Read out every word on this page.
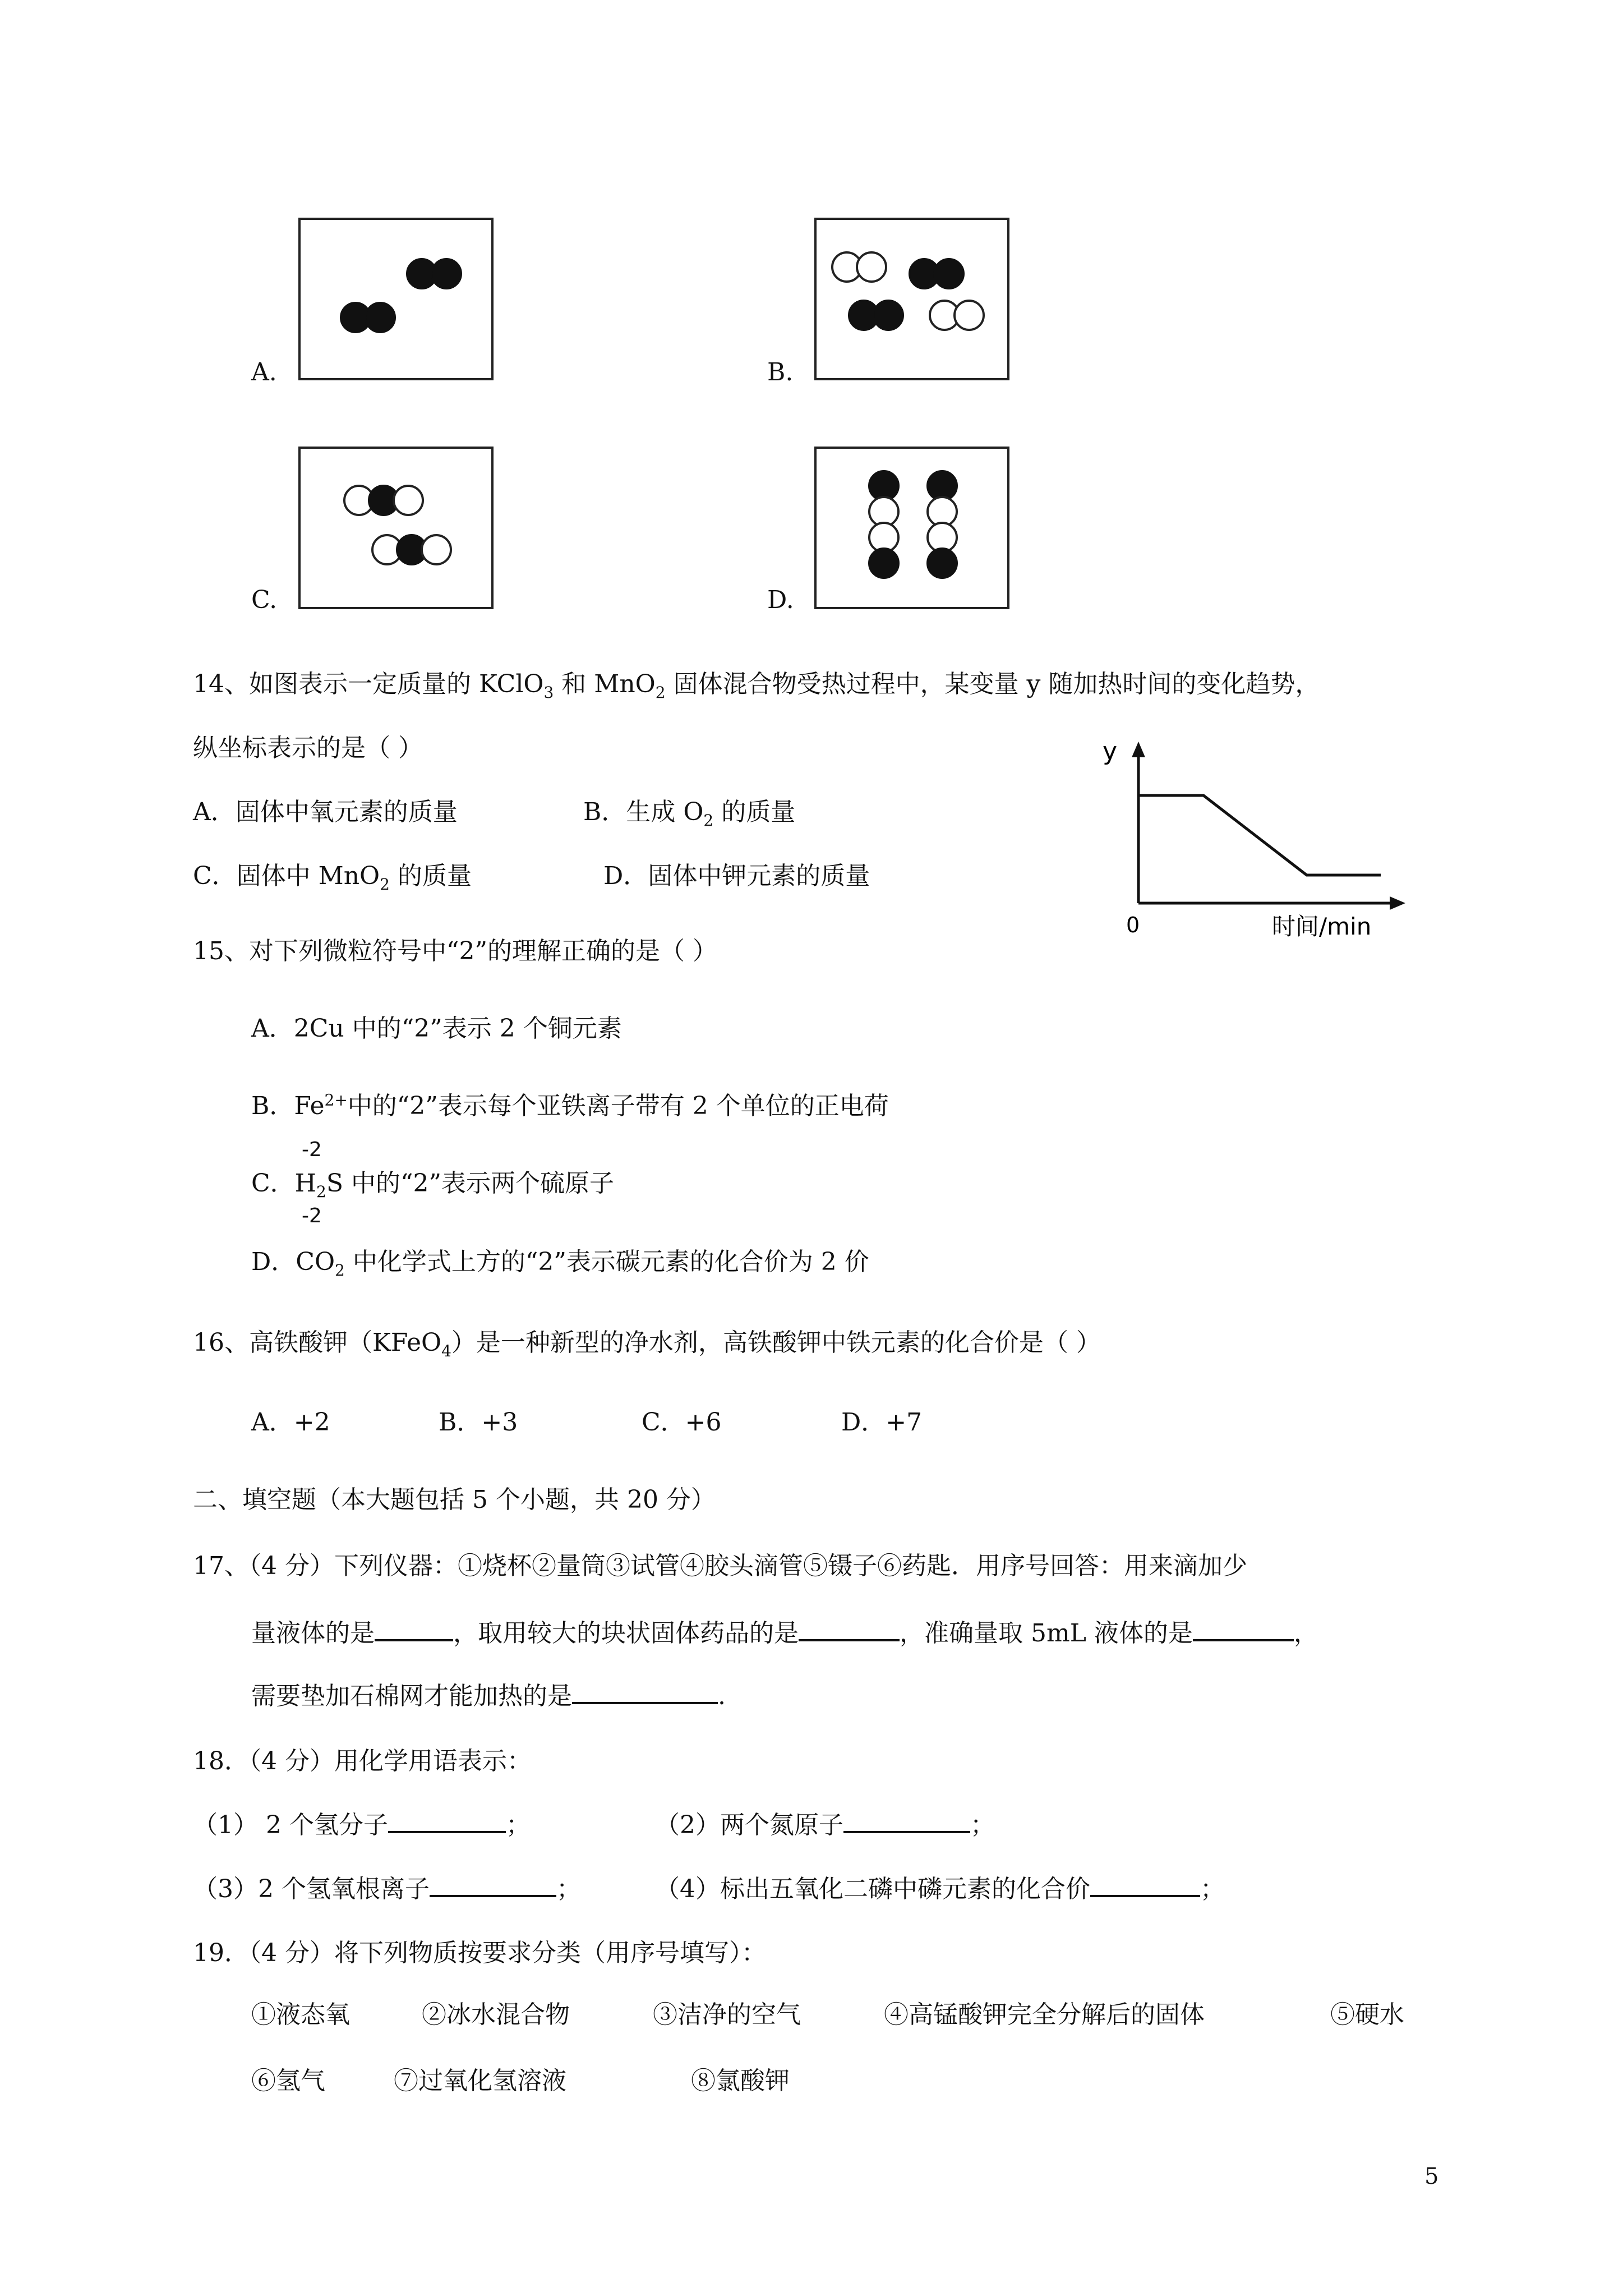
A.	B.
C.	D.
14、如图表示一定质量的 KClO$_3$ 和 MnO$_2$ 固体混合物受热过程中，某变量 y 随加热时间的变化趋势，
纵坐标表示的是（ ）
A．固体中氧元素的质量	B．生成 $O_2$ 的质量
C．固体中 MnO$_2$ 的质量	D．固体中钾元素的质量
y
0	时间/min
15、对下列微粒符号中“2”的理解正确的是（ ）
A．2Cu 中的“2”表示 2 个铜元素
B．$Fe^{2+}$中的“2”表示每个亚铁离子带有 2 个单位的正电荷
-2
C．$H_2S$ 中的“2”表示两个硫原子
-2
D．$CO_2$ 中化学式上方的“2”表示碳元素的化合价为 2 价
16、高铁酸钾（KFeO$_4$）是一种新型的净水剂，高铁酸钾中铁元素的化合价是（ ）
A．+2	B．+3	C．+6	D．+7
二、填空题（本大题包括 5 个小题，共 20 分）
17、（4 分）下列仪器：①烧杯②量筒③试管④胶头滴管⑤镊子⑥药匙．用序号回答：用来滴加少
量液体的是	，取用较大的块状固体药品的是	，准确量取 5mL 液体的是	，
需要垫加石棉网才能加热的是	.
18．（4 分）用化学用语表示：
（1） 2 个氢分子	；	（2）两个氮原子	；
（3）2 个氢氧根离子	；	（4）标出五氧化二磷中磷元素的化合价	；
19．（4 分）将下列物质按要求分类（用序号填写）：
①液态氧	②冰水混合物	③洁净的空气	④高锰酸钾完全分解后的固体	⑤硬水
⑥氢气	⑦过氧化氢溶液	⑧氯酸钾
5
